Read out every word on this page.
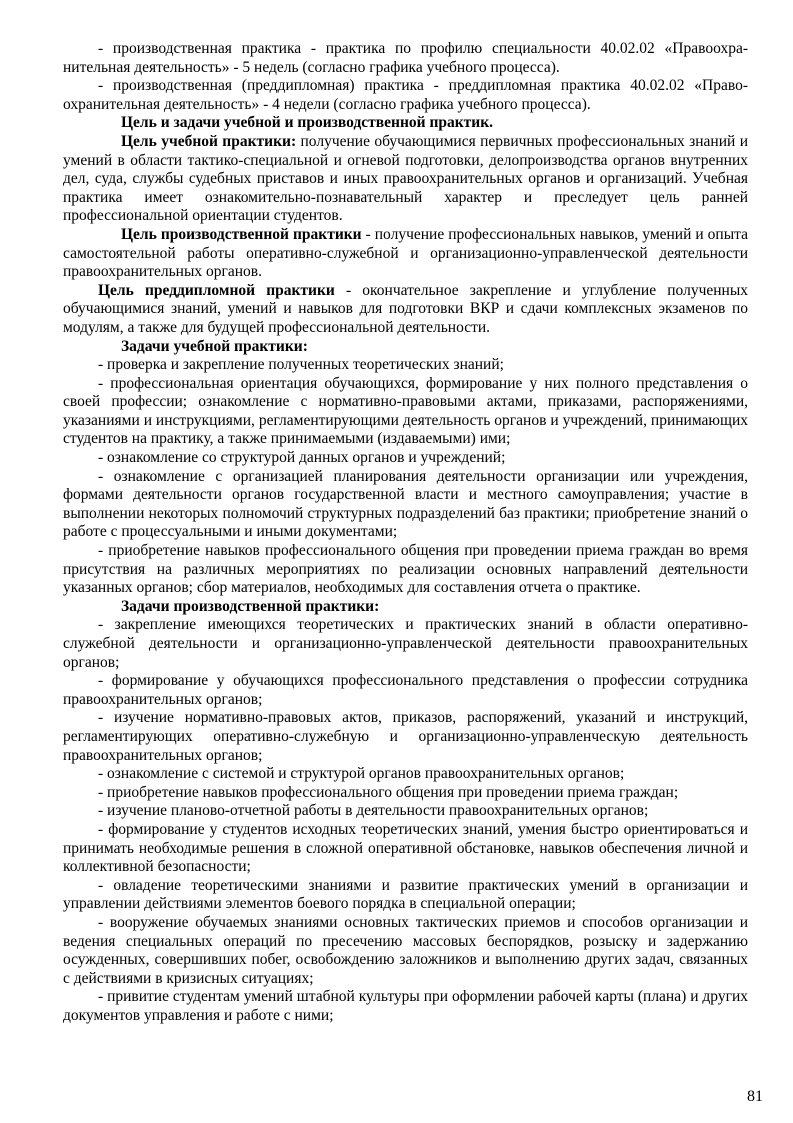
- производственная практика - практика по профилю специальности 40.02.02 «Правоохранительная деятельность» - 5 недель (согласно графика учебного процесса).

- производственная (преддипломная) практика - преддипломная практика 40.02.02 «Правоохранительная деятельность» - 4 недели (согласно графика учебного процесса).

Цель и задачи учебной и производственной практик.

Цель учебной практики: получение обучающимися первичных профессиональных знаний и умений в области тактико-специальной и огневой подготовки, делопроизводства органов внутренних дел, суда, службы судебных приставов и иных правоохранительных органов и организаций. Учебная практика имеет ознакомительно-познавательный характер и преследует цель ранней профессиональной ориентации студентов.

Цель производственной практики - получение профессиональных навыков, умений и опыта самостоятельной работы оперативно-служебной и организационно-управленческой деятельности правоохранительных органов.

Цель преддипломной практики - окончательное закрепление и углубление полученных обучающимися знаний, умений и навыков для подготовки ВКР и сдачи комплексных экзаменов по модулям, а также для будущей профессиональной деятельности.

Задачи учебной практики:

- проверка и закрепление полученных теоретических знаний;

- профессиональная ориентация обучающихся, формирование у них полного представления о своей профессии; ознакомление с нормативно-правовыми актами, приказами, распоряжениями, указаниями и инструкциями, регламентирующими деятельность органов и учреждений, принимающих студентов на практику, а также принимаемыми (издаваемыми) ими;

- ознакомление со структурой данных органов и учреждений;

- ознакомление с организацией планирования деятельности организации или учреждения, формами деятельности органов государственной власти и местного самоуправления; участие в выполнении некоторых полномочий структурных подразделений баз практики; приобретение знаний о работе с процессуальными и иными документами;

- приобретение навыков профессионального общения при проведении приема граждан во время присутствия на различных мероприятиях по реализации основных направлений деятельности указанных органов; сбор материалов, необходимых для составления отчета о практике.

Задачи производственной практики:

- закрепление имеющихся теоретических и практических знаний в области оперативно-служебной деятельности и организационно-управленческой деятельности правоохранительных органов;

- формирование у обучающихся профессионального представления о профессии сотрудника правоохранительных органов;

- изучение нормативно-правовых актов, приказов, распоряжений, указаний и инструкций, регламентирующих оперативно-служебную и организационно-управленческую деятельность правоохранительных органов;

- ознакомление с системой и структурой органов правоохранительных органов;

- приобретение навыков профессионального общения при проведении приема граждан;

- изучение планово-отчетной работы в деятельности правоохранительных органов;

- формирование у студентов исходных теоретических знаний, умения быстро ориентироваться и принимать необходимые решения в сложной оперативной обстановке, навыков обеспечения личной и коллективной безопасности;

- овладение теоретическими знаниями и развитие практических умений в организации и управлении действиями элементов боевого порядка в специальной операции;

- вооружение обучаемых знаниями основных тактических приемов и способов организации и ведения специальных операций по пресечению массовых беспорядков, розыску и задержанию осужденных, совершивших побег, освобождению заложников и выполнению других задач, связанных с действиями в кризисных ситуациях;

- привитие студентам умений штабной культуры при оформлении рабочей карты (плана) и других документов управления и работе с ними;

81
